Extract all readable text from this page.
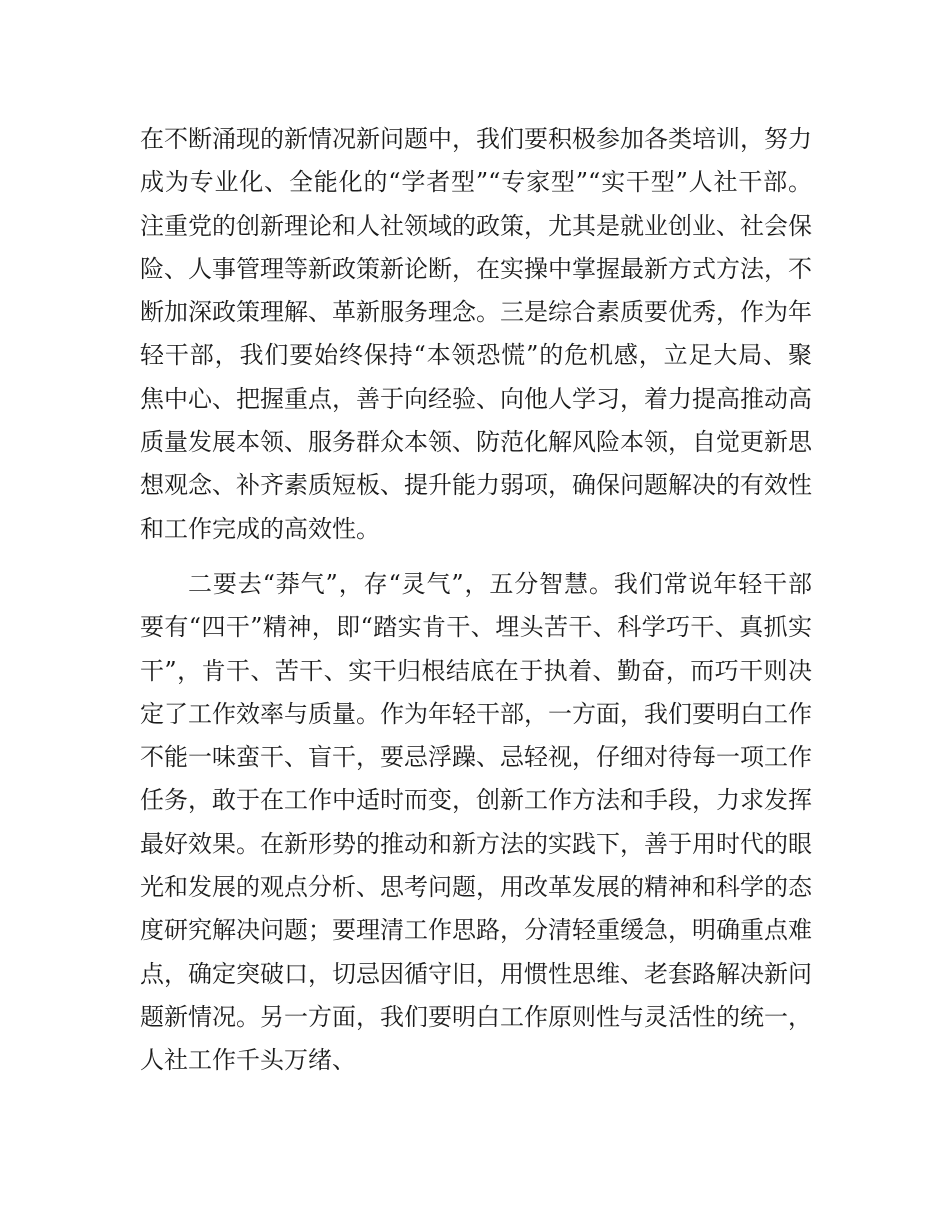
在不断涌现的新情况新问题中，我们要积极参加各类培训，努力成为专业化、全能化的“学者型”“专家型”“实干型”人社干部。注重党的创新理论和人社领域的政策，尤其是就业创业、社会保险、人事管理等新政策新论断，在实操中掌握最新方式方法，不断加深政策理解、革新服务理念。三是综合素质要优秀，作为年轻干部，我们要始终保持“本领恐慌”的危机感，立足大局、聚焦中心、把握重点，善于向经验、向他人学习，着力提高推动高质量发展本领、服务群众本领、防范化解风险本领，自觉更新思想观念、补齐素质短板、提升能力弱项，确保问题解决的有效性和工作完成的高效性。

二要去“莽气”，存“灵气”，五分智慧。我们常说年轻干部要有“四干”精神，即“踏实肯干、埋头苦干、科学巧干、真抓实干”，肯干、苦干、实干归根结底在于执着、勤奋，而巧干则决定了工作效率与质量。作为年轻干部，一方面，我们要明白工作不能一味蛮干、盲干，要忌浮躁、忌轻视，仔细对待每一项工作任务，敢于在工作中适时而变，创新工作方法和手段，力求发挥最好效果。在新形势的推动和新方法的实践下，善于用时代的眼光和发展的观点分析、思考问题，用改革发展的精神和科学的态度研究解决问题；要理清工作思路，分清轻重缓急，明确重点难点，确定突破口，切忌因循守旧，用惯性思维、老套路解决新问题新情况。另一方面，我们要明白工作原则性与灵活性的统一，人社工作千头万绪、
